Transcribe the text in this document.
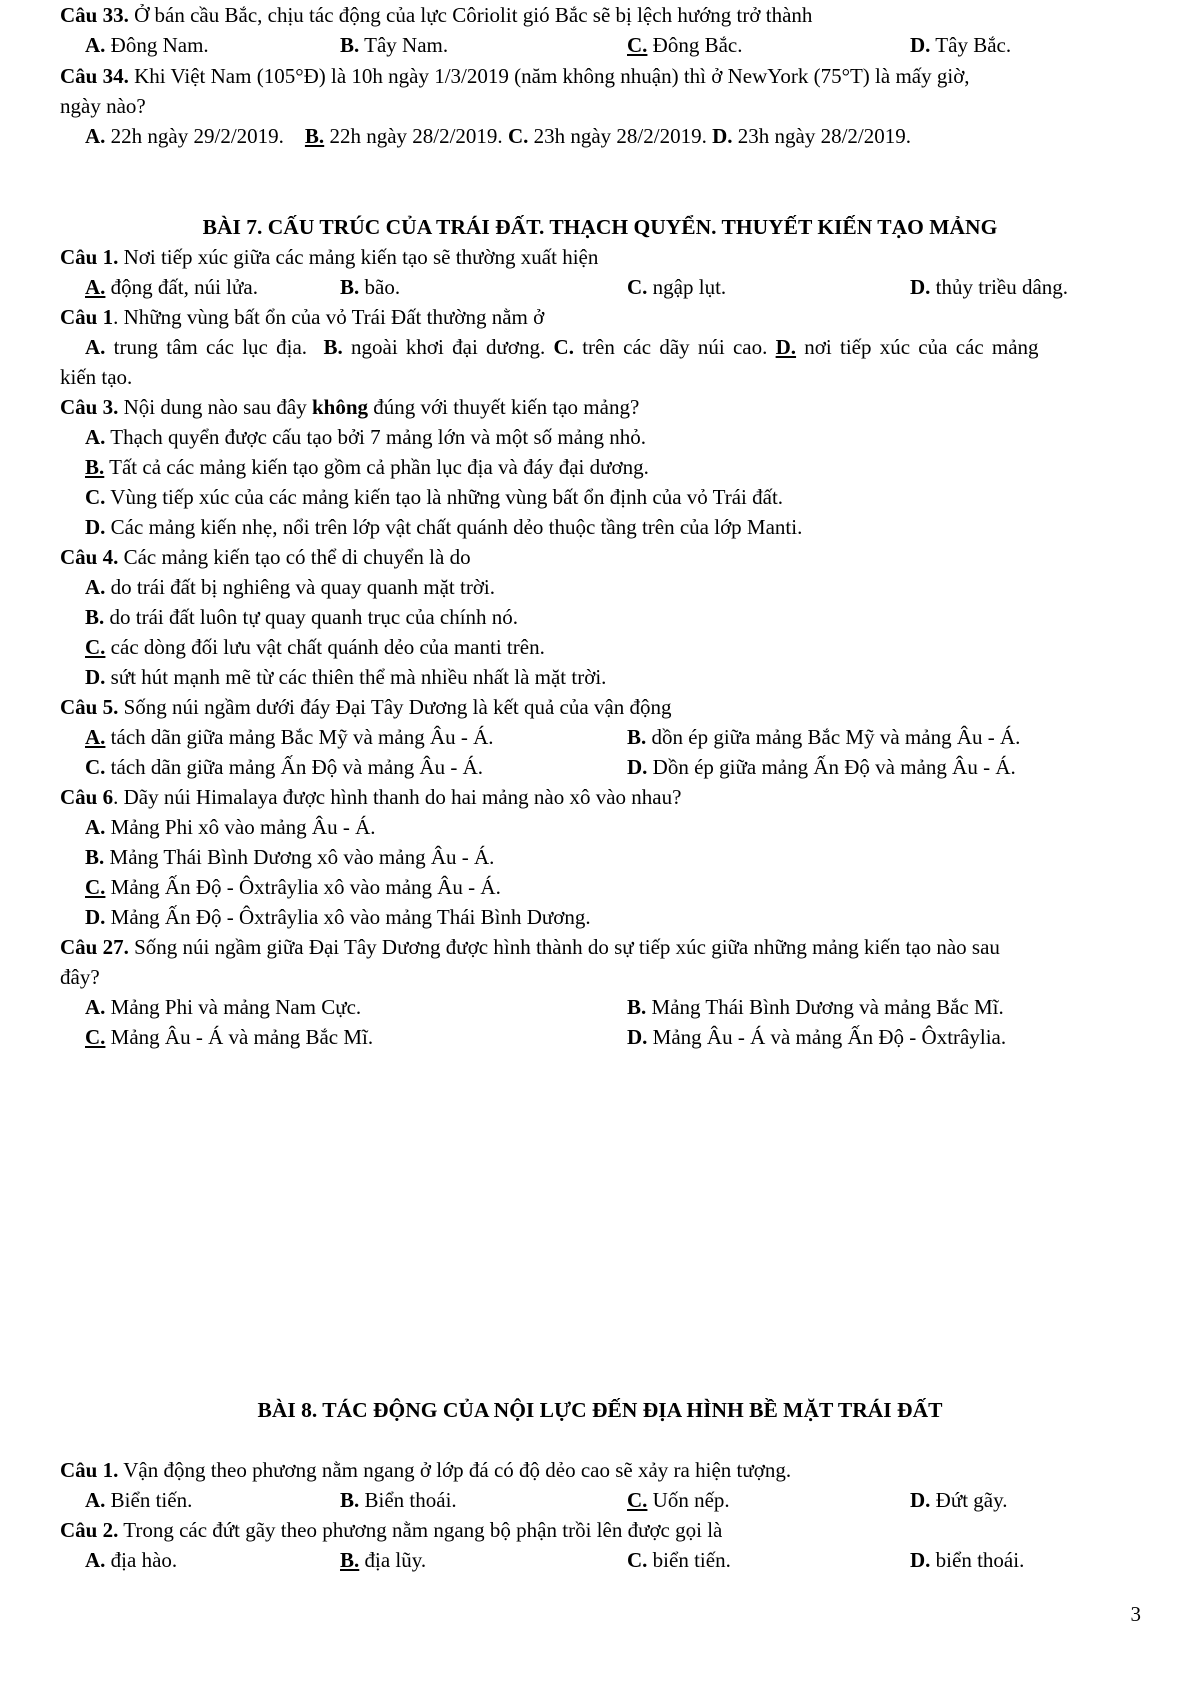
Câu 33. Ở bán cầu Bắc, chịu tác động của lực Côriolit gió Bắc sẽ bị lệch hướng trở thành
A. Đông Nam.	B. Tây Nam.	C. Đông Bắc.	D. Tây Bắc.
Câu 34. Khi Việt Nam (105°Đ) là 10h ngày 1/3/2019 (năm không nhuận) thì ở NewYork (75°T) là mấy giờ,
ngày nào?
A. 22h ngày 29/2/2019. B. 22h ngày 28/2/2019. C. 23h ngày 28/2/2019. D. 23h ngày 28/2/2019.
BÀI 7. CẤU TRÚC CỦA TRÁI ĐẤT. THẠCH QUYỂN. THUYẾT KIẾN TẠO MẢNG
Câu 1. Nơi tiếp xúc giữa các mảng kiến tạo sẽ thường xuất hiện
A. động đất, núi lửa.	B. bão.	C. ngập lụt.	D. thủy triều dâng.
Câu 1. Những vùng bất ổn của vỏ Trái Đất thường nằm ở
A. trung tâm các lục địa. B. ngoài khơi đại dương. C. trên các dãy núi cao. D. nơi tiếp xúc của các mảng
kiến tạo.
Câu 3. Nội dung nào sau đây không đúng với thuyết kiến tạo mảng?
A. Thạch quyển được cấu tạo bởi 7 mảng lớn và một số mảng nhỏ.
B. Tất cả các mảng kiến tạo gồm cả phần lục địa và đáy đại dương.
C. Vùng tiếp xúc của các mảng kiến tạo là những vùng bất ổn định của vỏ Trái đất.
D. Các mảng kiến nhẹ, nổi trên lớp vật chất quánh dẻo thuộc tầng trên của lớp Manti.
Câu 4. Các mảng kiến tạo có thể di chuyển là do
A. do trái đất bị nghiêng và quay quanh mặt trời.
B. do trái đất luôn tự quay quanh trục của chính nó.
C. các dòng đối lưu vật chất quánh dẻo của manti trên.
D. sứt hút mạnh mẽ từ các thiên thể mà nhiều nhất là mặt trời.
Câu 5. Sống núi ngầm dưới đáy Đại Tây Dương là kết quả của vận động
A. tách dãn giữa mảng Bắc Mỹ và mảng Âu - Á.	B. dồn ép giữa mảng Bắc Mỹ và mảng Âu - Á.
C. tách dãn giữa mảng Ấn Độ và mảng Âu - Á.	D. Dồn ép giữa mảng Ấn Độ và mảng Âu - Á.
Câu 6. Dãy núi Himalaya được hình thanh do hai mảng nào xô vào nhau?
A. Mảng Phi xô vào mảng Âu - Á.
B. Mảng Thái Bình Dương xô vào mảng Âu - Á.
C. Mảng Ấn Độ - Ôxtrâylia xô vào mảng Âu - Á.
D. Mảng Ấn Độ - Ôxtrâylia xô vào mảng Thái Bình Dương.
Câu 27. Sống núi ngầm giữa Đại Tây Dương được hình thành do sự tiếp xúc giữa những mảng kiến tạo nào sau
đây?
A. Mảng Phi và mảng Nam Cực.	B. Mảng Thái Bình Dương và mảng Bắc Mĩ.
C. Mảng Âu - Á và mảng Bắc Mĩ.	D. Mảng Âu - Á và mảng Ấn Độ - Ôxtrâylia.
BÀI 8. TÁC ĐỘNG CỦA NỘI LỰC ĐẾN ĐỊA HÌNH BỀ MẶT TRÁI ĐẤT
Câu 1. Vận động theo phương nằm ngang ở lớp đá có độ dẻo cao sẽ xảy ra hiện tượng.
A. Biển tiến.	B. Biển thoái.	C. Uốn nếp.	D. Đứt gãy.
Câu 2. Trong các đứt gãy theo phương nằm ngang bộ phận trồi lên được gọi là
A. địa hào.	B. địa lũy.	C. biển tiến.	D. biển thoái.
3
